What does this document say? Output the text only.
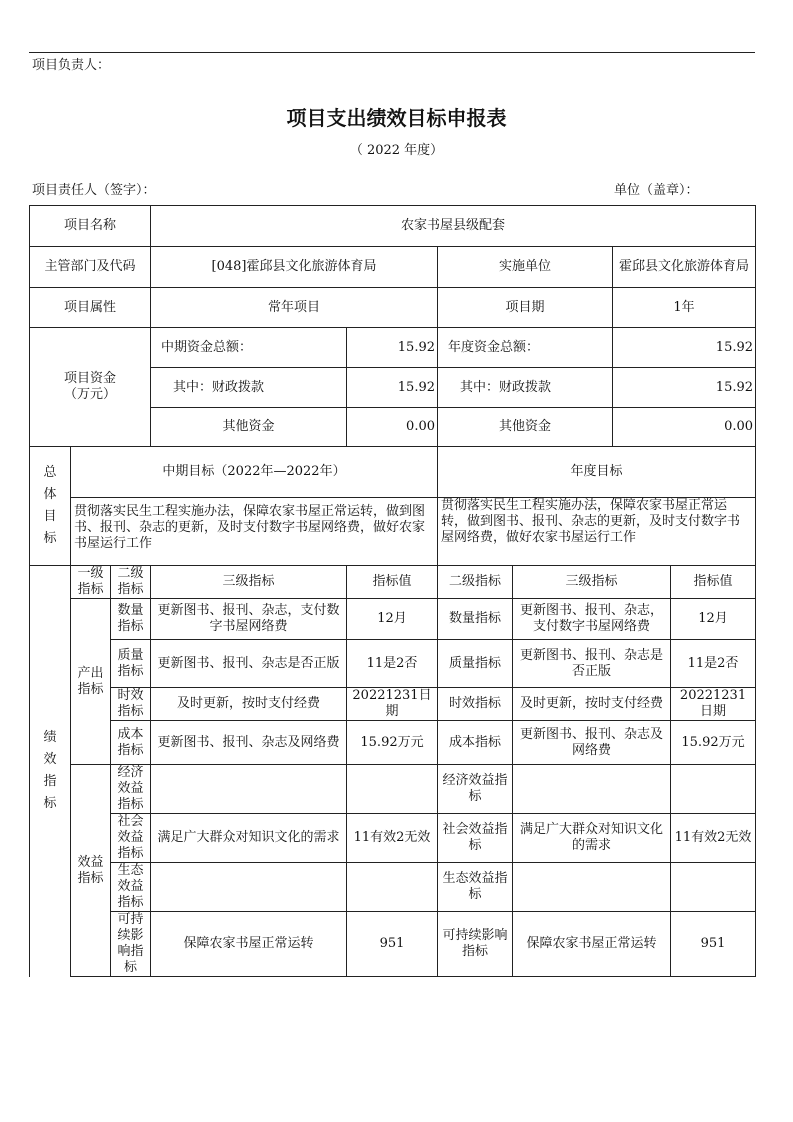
项目负责人：
项目支出绩效目标申报表
（ 2022 年度）
项目责任人（签字）：	单位（盖章）：
项目名称			农家书屋县级配套					
主管部门及代码			[048]霍邱县文化旅游体育局		实施单位		霍邱县文化旅游体育局	
项目属性			常年项目		项目期		1年	
项目资金（万元）			中期资金总额：	15.92	年度资金总额：		15.92	
			其中：财政拨款	15.92	其中：财政拨款		15.92	
			其他资金	0.00	其他资金		0.00	
总体目标	中期目标（2022年—2022年）				年度目标			
	贯彻落实民生工程实施办法，保障农家书屋正常运转，做到图书、报刊、杂志的更新，及时支付数字书屋网络费，做好农家书屋运行工作				贯彻落实民生工程实施办法，保障农家书屋正常运转，做到图书、报刊、杂志的更新，及时支付数字书屋网络费，做好农家书屋运行工作			
绩效指标	一级指标	二级指标	三级指标	指标值	二级指标	三级指标		指标值
	产出指标	数量指标	更新图书、报刊、杂志，支付数字书屋网络费	12月	数量指标	更新图书、报刊、杂志，支付数字书屋网络费		12月
		质量指标	更新图书、报刊、杂志是否正版	11是2否	质量指标	更新图书、报刊、杂志是否正版		11是2否
		时效指标	及时更新，按时支付经费	20221231日期	时效指标	及时更新，按时支付经费		20221231日期
		成本指标	更新图书、报刊、杂志及网络费	15.92万元	成本指标	更新图书、报刊、杂志及网络费		15.92万元
	效益指标	经济效益指标			经济效益指标			
		社会效益指标	满足广大群众对知识文化的需求	11有效2无效	社会效益指标	满足广大群众对知识文化的需求		11有效2无效
		生态效益指标			生态效益指标			
		可持续影响指标	保障农家书屋正常运转	951	可持续影响指标	保障农家书屋正常运转		951
